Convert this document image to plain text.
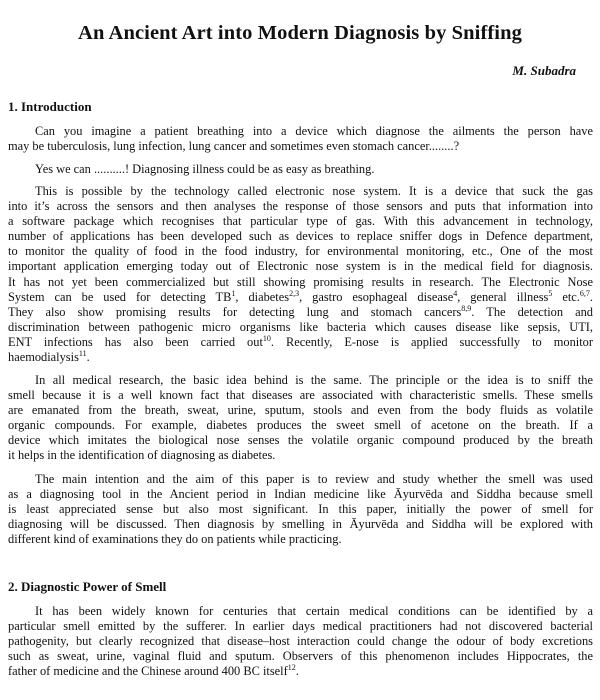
An Ancient Art into Modern Diagnosis by Sniffing
M. Subadra
1. Introduction
Can you imagine a patient breathing into a device which diagnose the ailments the person have
may be tuberculosis, lung infection, lung cancer and sometimes even stomach cancer........?
Yes we can ..........! Diagnosing illness could be as easy as breathing.
This is possible by the technology called electronic nose system. It is a device that suck the gas
into it’s across the sensors and then analyses the response of those sensors and puts that information into
a software package which recognises that particular type of gas. With this advancement in technology,
number of applications has been developed such as devices to replace sniffer dogs in Defence department,
to monitor the quality of food in the food industry, for environmental monitoring, etc., One of the most
important application emerging today out of Electronic nose system is in the medical field for diagnosis.
It has not yet been commercialized but still showing promising results in research. The Electronic Nose
System can be used for detecting $TB^1$, diabetes$^{2,3}$, gastro esophageal disease$^4$, general illness$^5$ etc.$^{6,7}$.
They also show promising results for detecting lung and stomach cancers$^{8,9}$. The detection and
discrimination between pathogenic micro organisms like bacteria which causes disease like sepsis, UTI,
ENT infections has also been carried out$^{10}$. Recently, E-nose is applied successfully to monitor
haemodialysis$^{11}$.
In all medical research, the basic idea behind is the same. The principle or the idea is to sniff the
smell because it is a well known fact that diseases are associated with characteristic smells. These smells
are emanated from the breath, sweat, urine, sputum, stools and even from the body fluids as volatile
organic compounds. For example, diabetes produces the sweet smell of acetone on the breath. If a
device which imitates the biological nose senses the volatile organic compound produced by the breath
it helps in the identification of diagnosing as diabetes.
The main intention and the aim of this paper is to review and study whether the smell was used
as a diagnosing tool in the Ancient period in Indian medicine like Āyurvēda and Siddha because smell
is least appreciated sense but also most significant. In this paper, initially the power of smell for
diagnosing will be discussed. Then diagnosis by smelling in Āyurvēda and Siddha will be explored with
different kind of examinations they do on patients while practicing.
2. Diagnostic Power of Smell
It has been widely known for centuries that certain medical conditions can be identified by a
particular smell emitted by the sufferer. In earlier days medical practitioners had not discovered bacterial
pathogenity, but clearly recognized that disease–host interaction could change the odour of body excretions
such as sweat, urine, vaginal fluid and sputum. Observers of this phenomenon includes Hippocrates, the
father of medicine and the Chinese around 400 BC itself$^{12}$.
